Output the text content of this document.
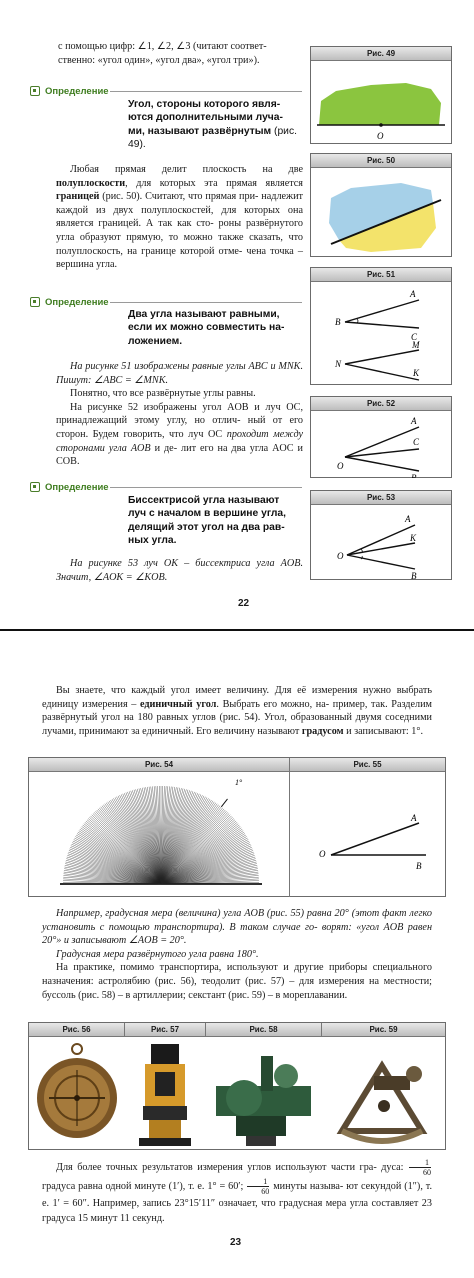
с помощью цифр: ∠1, ∠2, ∠3 (читают соответ-
ственно: «угол один», «угол два», «угол три»).
Определение
Угол, стороны которого явля- ются дополнительными луча- ми, называют развёрнутым (рис. 49).
Любая прямая делит плоскость на две полуплоскости, для которых эта прямая является границей (рис. 50). Считают, что прямая при- надлежит каждой из двух полуплоскостей, для которых она является границей. А так как сто- роны развёрнутого угла образуют прямую, то можно также сказать, что полуплоскость, на границе которой отме- чена точка – вершина угла.
Определение
Два угла называют равными, если их можно совместить на- ложением.
На рисунке 51 изображены равные углы ABC и MNK. Пишут: ∠ABC = ∠MNK.
Понятно, что все развёрнутые углы равны.
На рисунке 52 изображены угол AOB и луч OC, принадлежащий этому углу, но отлич- ный от его сторон. Будем говорить, что луч OC проходит между сторонами угла AOB и де- лит его на два угла AOC и COB.
Определение
Биссектрисой угла называют луч с началом в вершине угла, делящий этот угол на два рав- ных угла.
На рисунке 53 луч OK – биссектриса угла AOB. Значит, ∠AOK = ∠KOB.
22
Рис. 49
O
Рис. 50
Рис. 51
B
A
C
N
M
K
Рис. 52
O
A
C
B
Рис. 53
O
A
K
B
Вы знаете, что каждый угол имеет величину. Для её измерения нужно выбрать единицу измерения – единичный угол. Выбрать его можно, на- пример, так. Разделим развёрнутый угол на 180 равных углов (рис. 54). Угол, образованный двумя соседними лучами, принимают за единичный. Его величину называют градусом и записывают: 1°.
Рис. 54	Рис. 55
1°
O
A
B
Например, градусная мера (величина) угла AOB (рис. 55) равна 20° (этот факт легко установить с помощью транспортира). В таком случае го- ворят: «угол AOB равен 20°» и записывают ∠AOB = 20°.
Градусная мера развёрнутого угла равна 180°.
На практике, помимо транспортира, используют и другие приборы специального назначения: астролябию (рис. 56), теодолит (рис. 57) – для измерения на местности; буссоль (рис. 58) – в артиллерии; секстант (рис. 59) – в мореплавании.
Рис. 56	Рис. 57	Рис. 58	Рис. 59
Для более точных результатов измерения углов используют части гра- дуса: $\frac{1}{60}$
градуса равна одной минуте (1′), т. е. 1° = 60′; $\frac{1}{60}$ минуты называ- ют секундой (1″), т. е. 1′ = 60″. Например, запись 23°15′11″ означает, что градусная мера угла составляет 23 градуса 15 минут 11 секунд.
23
